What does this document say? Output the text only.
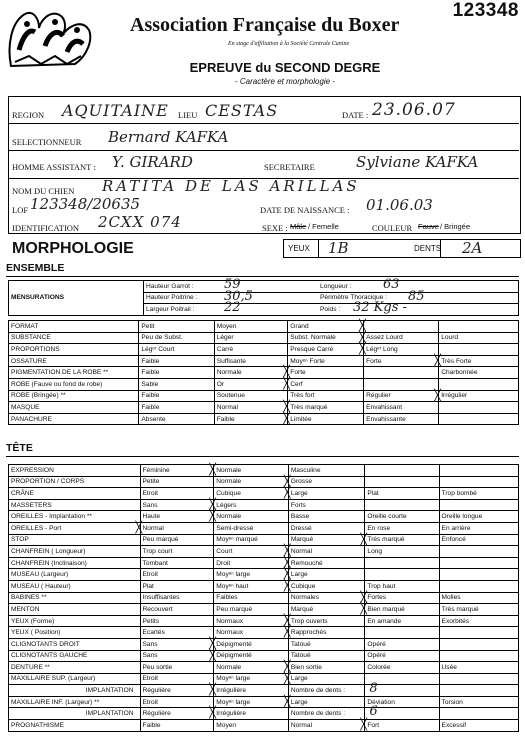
123348
Association Française du Boxer
En stage d'affiliation à la Société Centrale Canine
EPREUVE du SECOND DEGRE
- Caractère et morphologie -
REGION AQUITAINE LIEU CESTAS	DATE : 23.06.07
SELECTIONNEUR Bernard KAFKA
HOMME ASSISTANT : Y. GIRARD	SECRETAIRE	Sylviane KAFKA
NOM DU CHIEN RATITA DE LAS ARILLAS
LOF 123348/20635	DATE DE NAISSANCE : 01.06.03
IDENTIFICATION 2CXX 074	SEXE : Mâle / Femelle	COULEUR Fauve / Bringée
MORPHOLOGIE	YEUX 1B	DENTS 2A
ENSEMBLE
MENSURATIONS	Hauteur Garrot : 59	Longueur : 63

	Hauteur Poitrine : 30,5	Périmètre Thoracique : 85

	Largeur Poitrail : 22	Poids : 32 Kgs -
FORMAT	Petit	Moyen	Grand	╳	

SUBSTANCE	Peu de Subst.	Léger	Subst. Normale	╳ Assez Lourd	Lourd
PROPORTIONS	Légᵉʳ Court	Carré	Presque Carré	╳ Légᵉʳ Long	
OSSATURE	Faible	Suffisante	Moyᵉⁿ Forte	Forte	╳ Très Forte
PIGMENTATION DE LA ROBE **	Faible	Normale	╳ Forte		Charbonnée
ROBE (Fauve ou fond de robe)	Sable	Or	╳ Cerf		
ROBE (Bringée) **	Faible	Soutenue	Très fort	Régulier	╳ Irrégulier
MASQUE	Faible	Normal	╳ Très marqué	Envahissant	
PANACHURE	Absente	Faible	╳ Limitée	Envahissante	
TÊTE
EXPRESSION	Féminine	╳ Normale	Masculine		
PROPORTION / CORPS	Petite	Normale	╳ Grosse		
CRÂNE	Etroit	Cubique	╳ Large	Plat	Trop bombé
MASSETERS	Sans	╳ Légers	Forts		
OREILLES - Implantation **	Haute	╳ Normale	Basse	Oreille courte	Oreille longue
OREILLES - Port	╳ Normal	Semi-dressé	Dressé	En rose	En arrière
STOP	Peu marqué	Moyᵉⁿ marqué	Marqué	╳ Très marqué	Enfoncé
CHANFREIN ( Longueur)	Trop court	Court	╳ Normal	Long	
CHANFREIN (Inclinaison)	Tombant	Droit	╳ Remouché		
MUSEAU (Largeur)	Etroit	Moyᵉⁿ large	╳ Large		
MUSEAU ( Hauteur)	Plat	Moyᵉⁿ haut	╳ Cubique	Trop haut	
BABINES **	Insuffisantes	Faibles	Normales	╳ Fortes	Molles
MENTON	Recouvert	Peu marqué	Marqué	╳ Bien marqué	Très marqué
YEUX (Forme)	Petits	Normaux	╳ Trop ouverts	En amande	Exorbités
YEUX ( Position)	Ecartés	Normaux	╳ Rapprochés		
CLIGNOTANTS DROIT	Sans	╳ Dépigmenté	Tatoué	Opéré	
CLIGNOTANTS GAUCHE	Sans	╳ Dépigmenté	Tatoué	Opéré	
DENTURE **	Peu sortie	Normale	╳ Bien sortie	Colorée	Usée
MAXILLAIRE SUP. (Largeur)	Etroit	Moyᵉⁿ large	╳ Large		
IMPLANTATION	Régulière	╳ Irrégulière	Nombre de dents :	8	

MAXILLAIRE INF. (Largeur) **	Etroit	Moyᵉⁿ large	╳ Large	Déviation	Torsion
IMPLANTATION	Régulière	╳ Irrégulière	Nombre de dents :	6	

PROGNATHISME	Faible	Moyen	Normal	╳ Fort	Excessif
